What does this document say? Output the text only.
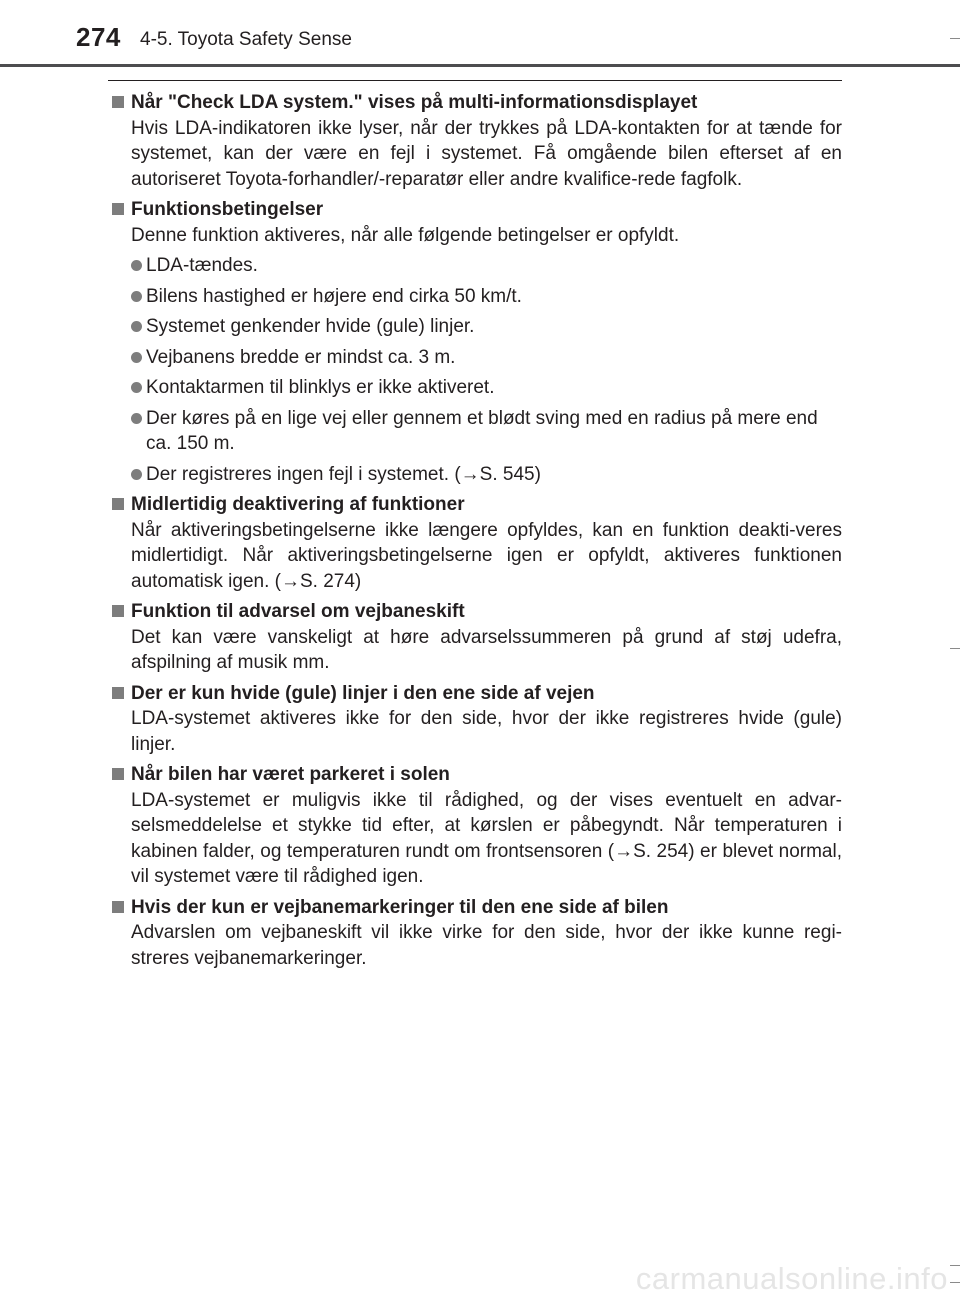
274 4-5. Toyota Safety Sense
Når "Check LDA system." vises på multi-informationsdisplayet
Hvis LDA-indikatoren ikke lyser, når der trykkes på LDA-kontakten for at tænde for systemet, kan der være en fejl i systemet. Få omgående bilen efterset af en autoriseret Toyota-forhandler/-reparatør eller andre kvalifice-rede fagfolk.
Funktionsbetingelser
Denne funktion aktiveres, når alle følgende betingelser er opfyldt.
LDA-tændes.
Bilens hastighed er højere end cirka 50 km/t.
Systemet genkender hvide (gule) linjer.
Vejbanens bredde er mindst ca. 3 m.
Kontaktarmen til blinklys er ikke aktiveret.
Der køres på en lige vej eller gennem et blødt sving med en radius på mere end ca. 150 m.
Der registreres ingen fejl i systemet. (→S. 545)
Midlertidig deaktivering af funktioner
Når aktiveringsbetingelserne ikke længere opfyldes, kan en funktion deakti-veres midlertidigt. Når aktiveringsbetingelserne igen er opfyldt, aktiveres funktionen automatisk igen. (→S. 274)
Funktion til advarsel om vejbaneskift
Det kan være vanskeligt at høre advarselssummeren på grund af støj udefra, afspilning af musik mm.
Der er kun hvide (gule) linjer i den ene side af vejen
LDA-systemet aktiveres ikke for den side, hvor der ikke registreres hvide (gule) linjer.
Når bilen har været parkeret i solen
LDA-systemet er muligvis ikke til rådighed, og der vises eventuelt en advar-selsmeddelelse et stykke tid efter, at kørslen er påbegyndt. Når temperaturen i kabinen falder, og temperaturen rundt om frontsensoren (→S. 254) er blevet normal, vil systemet være til rådighed igen.
Hvis der kun er vejbanemarkeringer til den ene side af bilen
Advarslen om vejbaneskift vil ikke virke for den side, hvor der ikke kunne regi-streres vejbanemarkeringer.
carmanualsonline.info
